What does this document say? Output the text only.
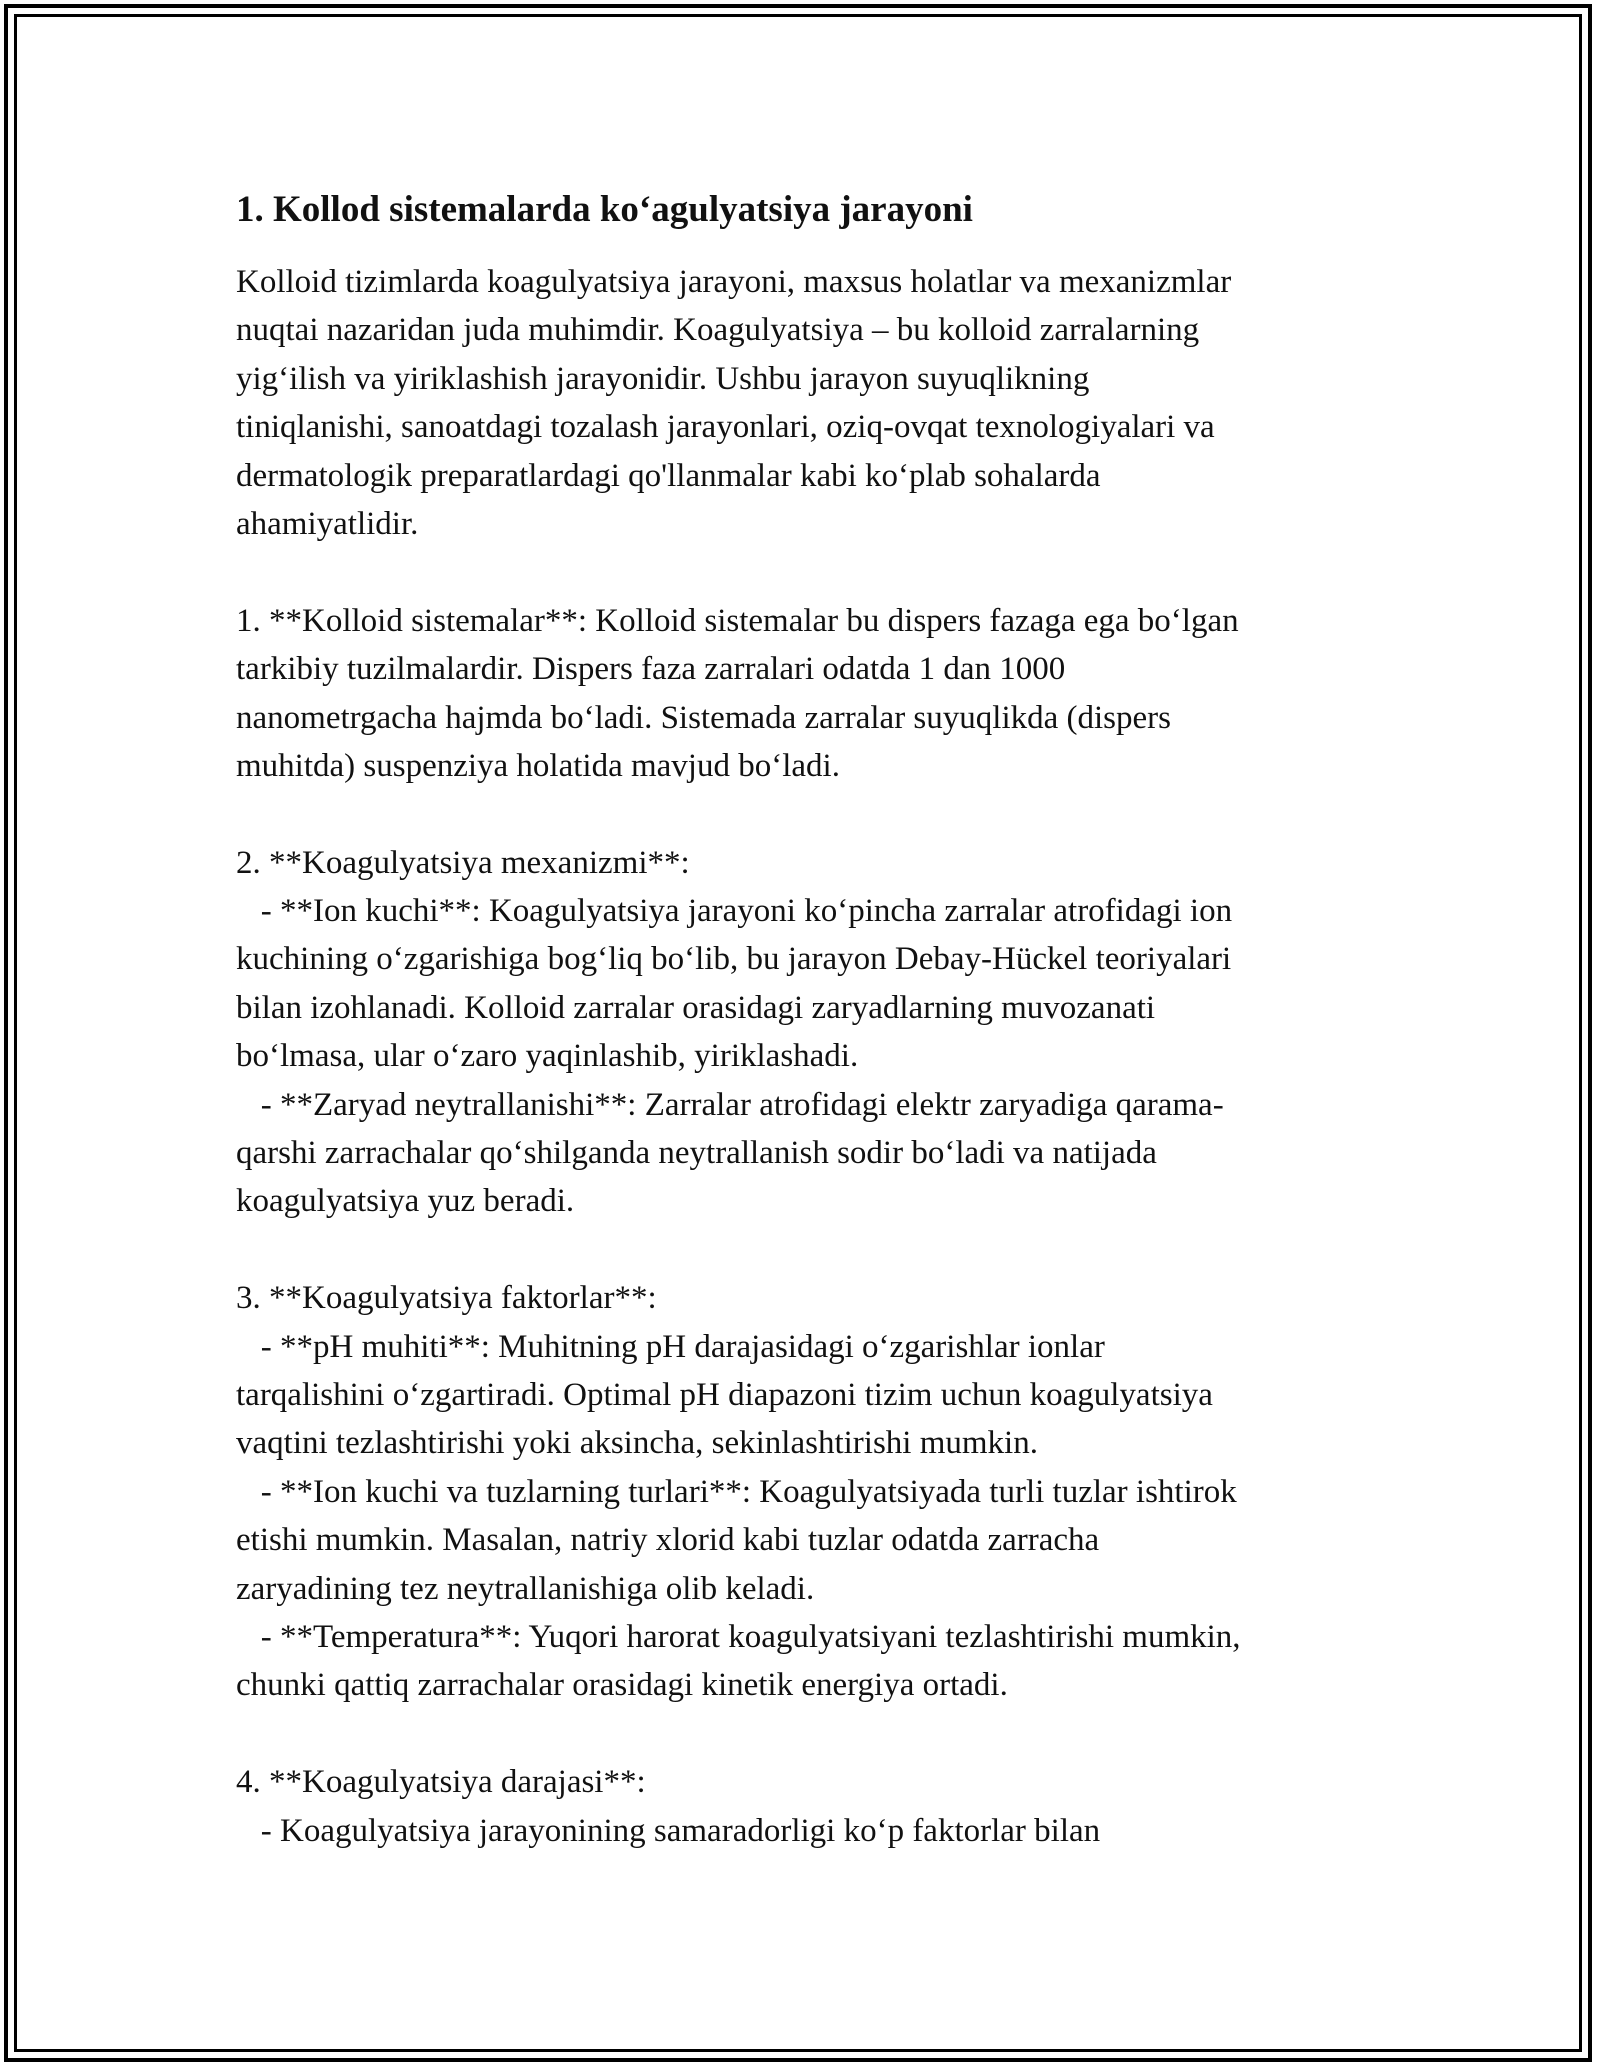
1. Kollod sistemalarda ko‘agulyatsiya jarayoni
Kolloid tizimlarda koagulyatsiya jarayoni, maxsus holatlar va mexanizmlar
nuqtai nazaridan juda muhimdir. Koagulyatsiya – bu kolloid zarralarning
yig‘ilish va yiriklashish jarayonidir. Ushbu jarayon suyuqlikning
tiniqlanishi, sanoatdagi tozalash jarayonlari, oziq-ovqat texnologiyalari va
dermatologik preparatlardagi qo'llanmalar kabi ko‘plab sohalarda
ahamiyatlidir.
1. **Kolloid sistemalar**: Kolloid sistemalar bu dispers fazaga ega bo‘lgan
tarkibiy tuzilmalardir. Dispers faza zarralari odatda 1 dan 1000
nanometrgacha hajmda bo‘ladi. Sistemada zarralar suyuqlikda (dispers
muhitda) suspenziya holatida mavjud bo‘ladi.
2. **Koagulyatsiya mexanizmi**:
- **Ion kuchi**: Koagulyatsiya jarayoni ko‘pincha zarralar atrofidagi ion
kuchining o‘zgarishiga bog‘liq bo‘lib, bu jarayon Debay-Hückel teoriyalari
bilan izohlanadi. Kolloid zarralar orasidagi zaryadlarning muvozanati
bo‘lmasa, ular o‘zaro yaqinlashib, yiriklashadi.
- **Zaryad neytrallanishi**: Zarralar atrofidagi elektr zaryadiga qarama-
qarshi zarrachalar qo‘shilganda neytrallanish sodir bo‘ladi va natijada
koagulyatsiya yuz beradi.
3. **Koagulyatsiya faktorlar**:
- **pH muhiti**: Muhitning pH darajasidagi o‘zgarishlar ionlar
tarqalishini o‘zgartiradi. Optimal pH diapazoni tizim uchun koagulyatsiya
vaqtini tezlashtirishi yoki aksincha, sekinlashtirishi mumkin.
- **Ion kuchi va tuzlarning turlari**: Koagulyatsiyada turli tuzlar ishtirok
etishi mumkin. Masalan, natriy xlorid kabi tuzlar odatda zarracha
zaryadining tez neytrallanishiga olib keladi.
- **Temperatura**: Yuqori harorat koagulyatsiyani tezlashtirishi mumkin,
chunki qattiq zarrachalar orasidagi kinetik energiya ortadi.
4. **Koagulyatsiya darajasi**:
- Koagulyatsiya jarayonining samaradorligi ko‘p faktorlar bilan
